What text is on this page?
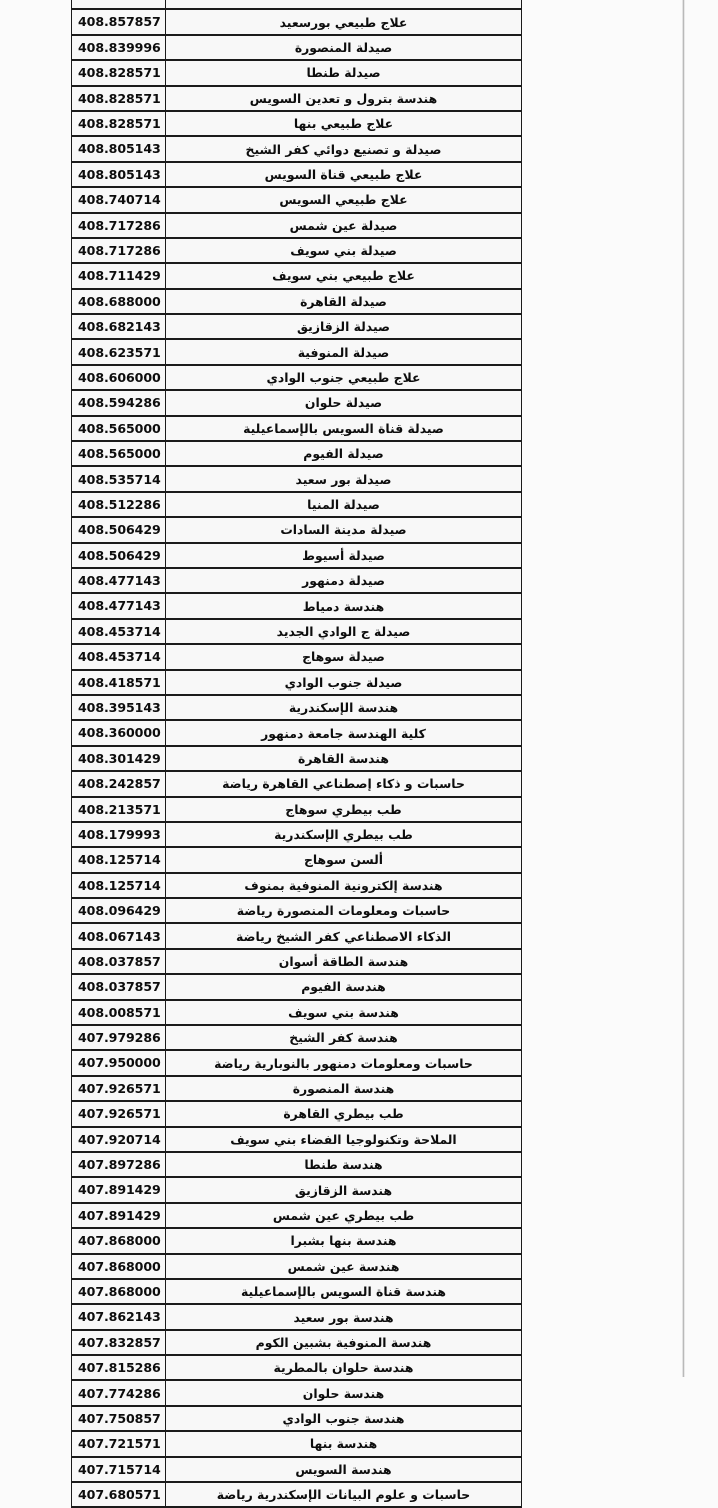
علاج طبيعي بورسعيد	408.857857
صيدلة المنصورة	408.839996
صيدلة طنطا	408.828571
هندسة بترول و تعدين السويس	408.828571
علاج طبيعي بنها	408.828571
صيدلة و تصنيع دوائي كفر الشيخ	408.805143
علاج طبيعي قناة السويس	408.805143
علاج طبيعي السويس	408.740714
صيدلة عين شمس	408.717286
صيدلة بني سويف	408.717286
علاج طبيعي بني سويف	408.711429
صيدلة القاهرة	408.688000
صيدلة الزقازيق	408.682143
صيدلة المنوفية	408.623571
علاج طبيعي جنوب الوادي	408.606000
صيدلة حلوان	408.594286
صيدلة قناة السويس بالإسماعيلية	408.565000
صيدلة الفيوم	408.565000
صيدلة بور سعيد	408.535714
صيدلة المنيا	408.512286
صيدلة مدينة السادات	408.506429
صيدلة أسيوط	408.506429
صيدلة دمنهور	408.477143
هندسة دمياط	408.477143
صيدلة ج الوادي الجديد	408.453714
صيدلة سوهاج	408.453714
صيدلة جنوب الوادي	408.418571
هندسة الإسكندرية	408.395143
كلية الهندسة جامعة دمنهور	408.360000
هندسة القاهرة	408.301429
حاسبات و ذكاء إصطناعي القاهرة رياضة	408.242857
طب بيطري سوهاج	408.213571
طب بيطري الإسكندرية	408.179993
ألسن سوهاج	408.125714
هندسة إلكترونية المنوفية بمنوف	408.125714
حاسبات ومعلومات المنصورة رياضة	408.096429
الذكاء الاصطناعي كفر الشيخ رياضة	408.067143
هندسة الطاقة أسوان	408.037857
هندسة الفيوم	408.037857
هندسة بني سويف	408.008571
هندسة كفر الشيخ	407.979286
حاسبات ومعلومات دمنهور بالنوبارية رياضة	407.950000
هندسة المنصورة	407.926571
طب بيطري القاهرة	407.926571
الملاحة وتكنولوجيا الفضاء بني سويف	407.920714
هندسة طنطا	407.897286
هندسة الزقازيق	407.891429
طب بيطري عين شمس	407.891429
هندسة بنها بشبرا	407.868000
هندسة عين شمس	407.868000
هندسة قناة السويس بالإسماعيلية	407.868000
هندسة بور سعيد	407.862143
هندسة المنوفية بشبين الكوم	407.832857
هندسة حلوان بالمطرية	407.815286
هندسة حلوان	407.774286
هندسة جنوب الوادي	407.750857
هندسة بنها	407.721571
هندسة السويس	407.715714
حاسبات و علوم البيانات الإسكندرية رياضة	407.680571
